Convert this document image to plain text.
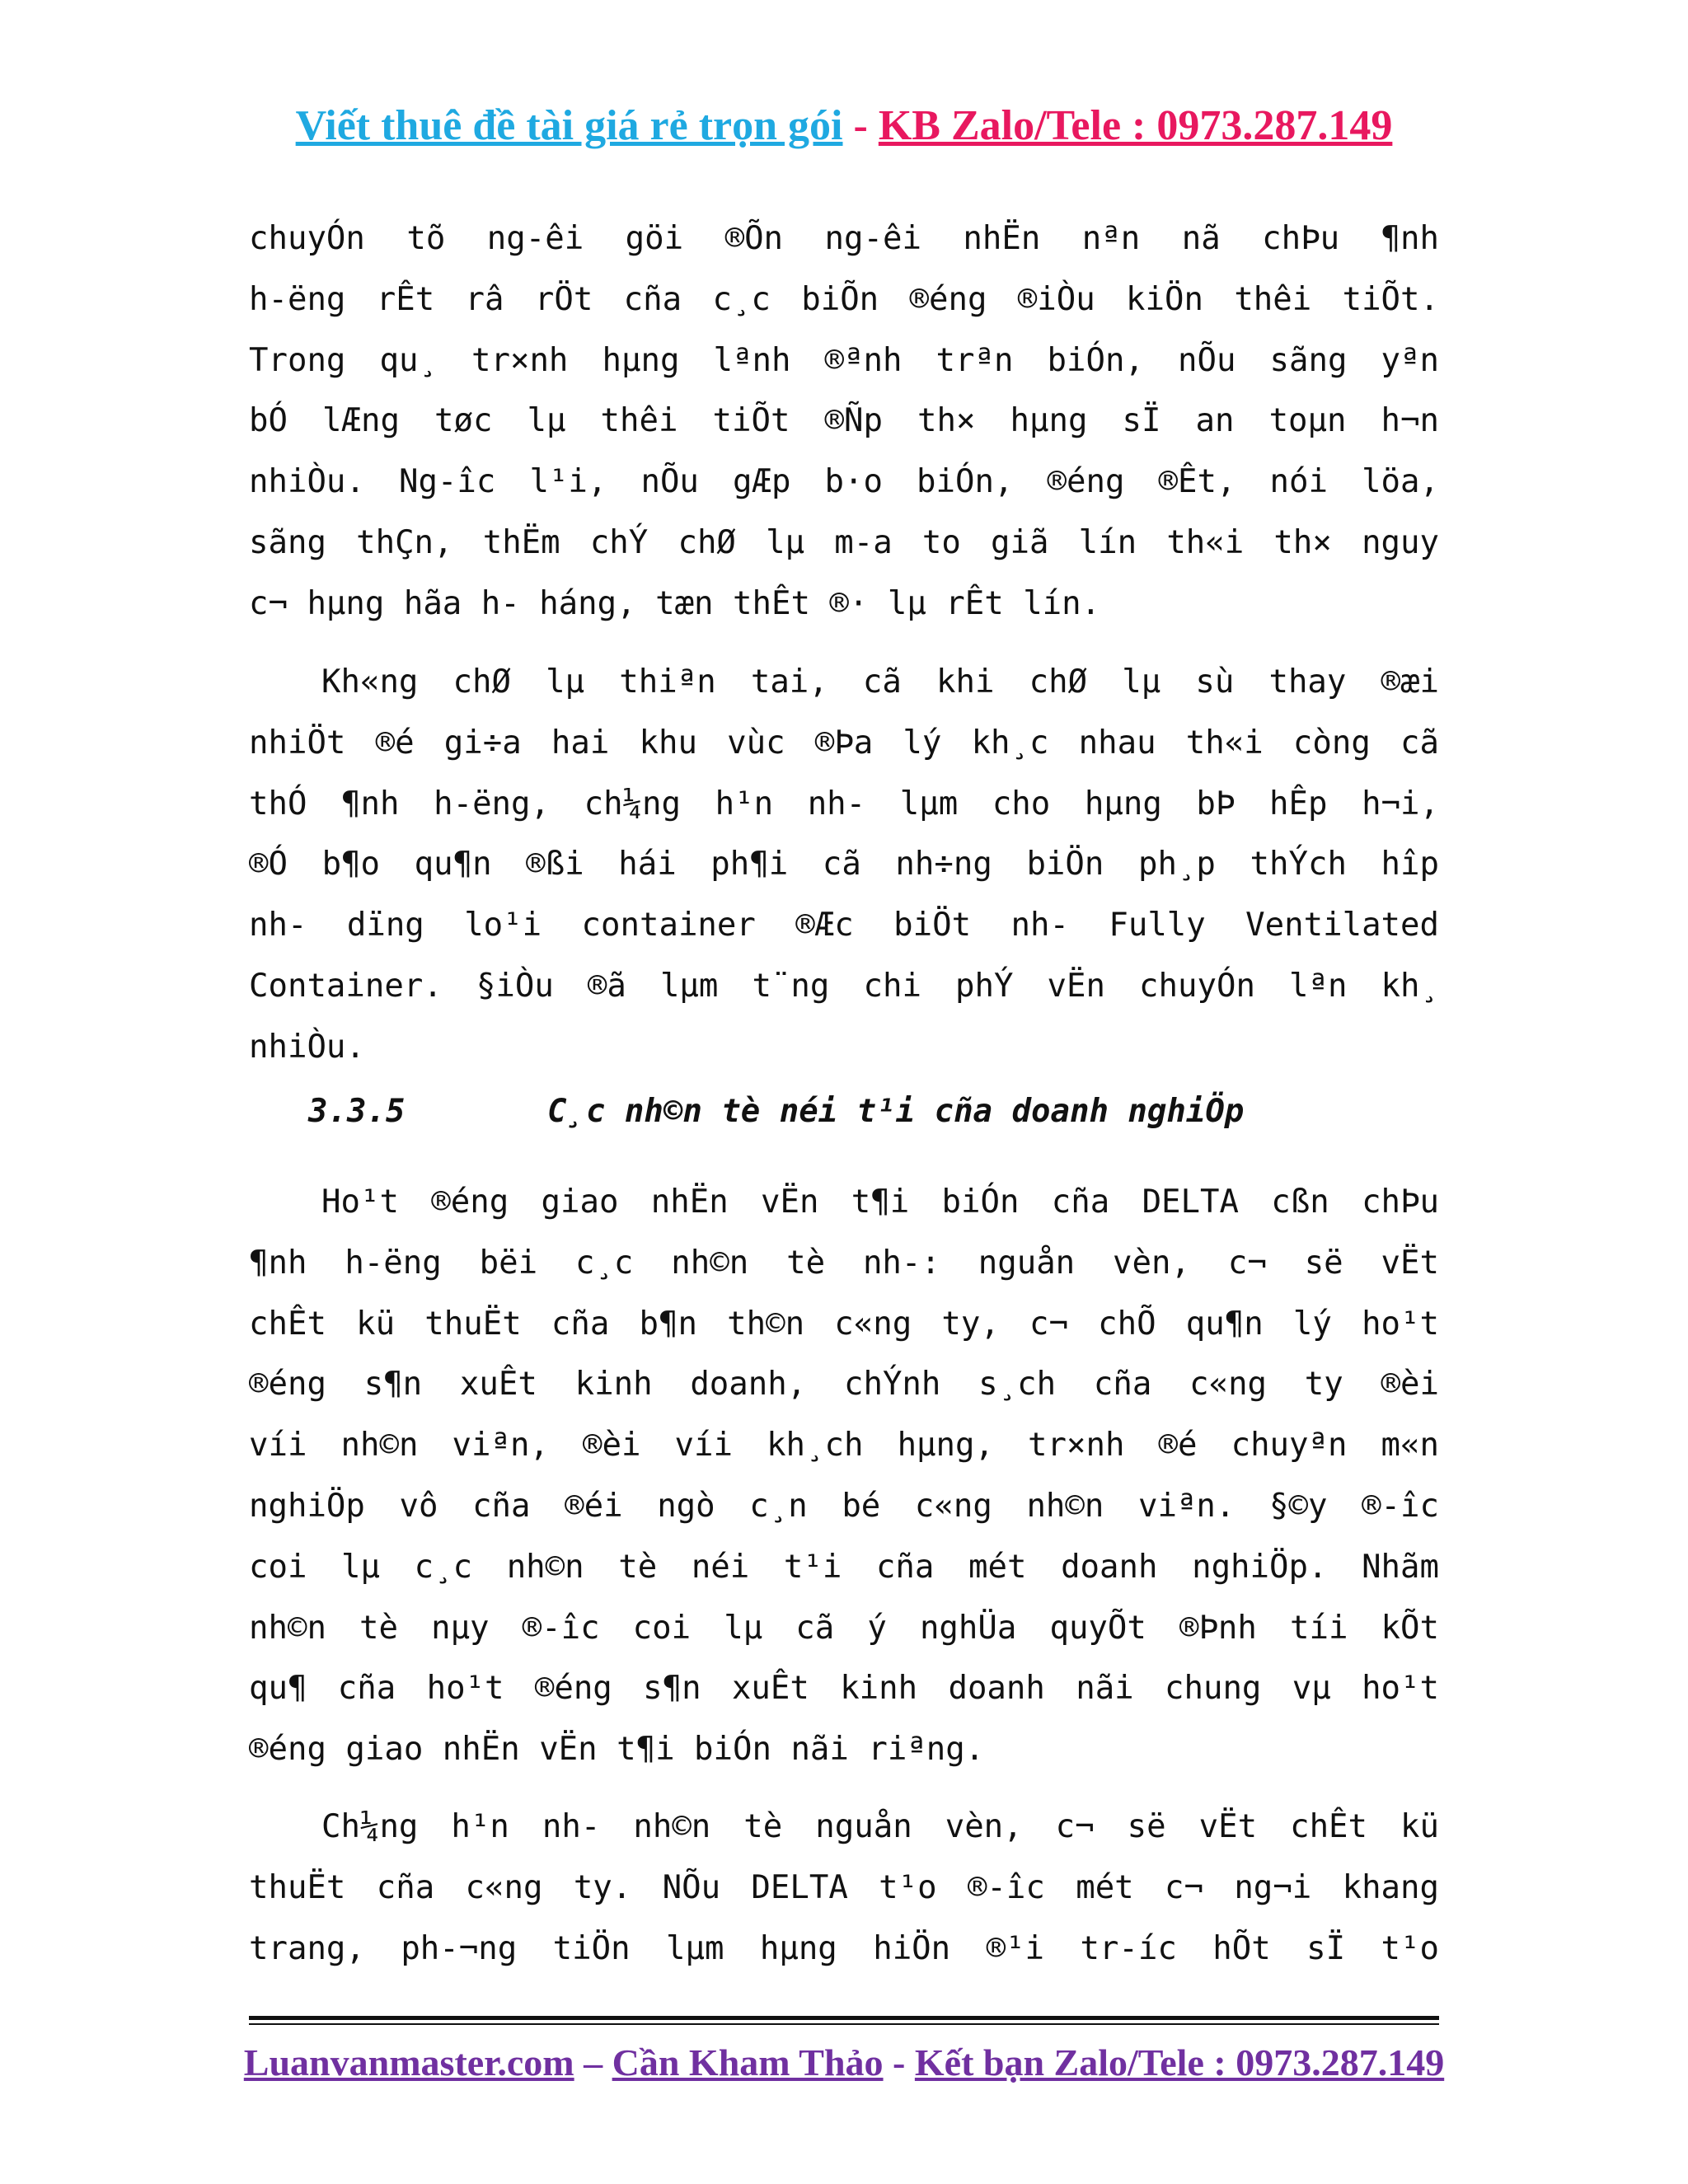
Viết thuê đề tài giá rẻ trọn gói - KB Zalo/Tele : 0973.287.149
chuyÓn tõ ng-êi göi ®Õn ng-êi nhËn nªn nã chÞu ¶nh
h-ëng rÊt râ rÖt cña c¸c biÕn ®éng ®iÒu kiÖn thêi tiÕt.
Trong qu¸ tr×nh hµng lªnh ®ªnh trªn biÓn, nÕu sãng yªn
bÓ lÆng tøc lµ thêi tiÕt ®Ñp th× hµng sÏ an toµn h¬n
nhiÒu. Ng-îc l¹i, nÕu gÆp b·o biÓn, ®éng ®Êt, nói löa,
sãng thÇn, thËm chÝ chØ lµ m-a to giã lín th«i th× nguy
c¬ hµng hãa h- háng, tæn thÊt ®· lµ rÊt lín.
Kh«ng chØ lµ thiªn tai, cã khi chØ lµ sù thay ®æi
nhiÖt ®é gi÷a hai khu vùc ®Þa lý kh¸c nhau th«i còng cã
thÓ ¶nh h-ëng, ch¼ng h¹n nh- lµm cho hµng bÞ hÊp h¬i,
®Ó b¶o qu¶n ®ßi hái ph¶i cã nh÷ng biÖn ph¸p thÝch hîp
nh- dïng lo¹i container ®Æc biÖt nh- Fully Ventilated
Container. §iÒu ®ã lµm t¨ng chi phÝ vËn chuyÓn lªn kh¸
nhiÒu.
3.3.5	C¸c nh©n tè néi t¹i cña doanh nghiÖp
Ho¹t ®éng giao nhËn vËn t¶i biÓn cña DELTA cßn chÞu
¶nh h-ëng bëi c¸c nh©n tè nh-: nguån vèn, c¬ së vËt
chÊt kü thuËt cña b¶n th©n c«ng ty, c¬ chÕ qu¶n lý ho¹t
®éng s¶n xuÊt kinh doanh, chÝnh s¸ch cña c«ng ty ®èi
víi nh©n viªn, ®èi víi kh¸ch hµng, tr×nh ®é chuyªn m«n
nghiÖp vô cña ®éi ngò c¸n bé c«ng nh©n viªn. §©y ®-îc
coi lµ c¸c nh©n tè néi t¹i cña mét doanh nghiÖp. Nhãm
nh©n tè nµy ®-îc coi lµ cã ý nghÜa quyÕt ®Þnh tíi kÕt
qu¶ cña ho¹t ®éng s¶n xuÊt kinh doanh nãi chung vµ ho¹t
®éng giao nhËn vËn t¶i biÓn nãi riªng.
Ch¼ng h¹n nh- nh©n tè nguån vèn, c¬ së vËt chÊt kü
thuËt cña c«ng ty. NÕu DELTA t¹o ®-îc mét c¬ ng¬i khang
trang, ph-¬ng tiÖn lµm hµng hiÖn ®¹i tr-íc hÕt sÏ t¹o
Luanvanmaster.com – Cần Kham Thảo - Kết bạn Zalo/Tele : 0973.287.149
